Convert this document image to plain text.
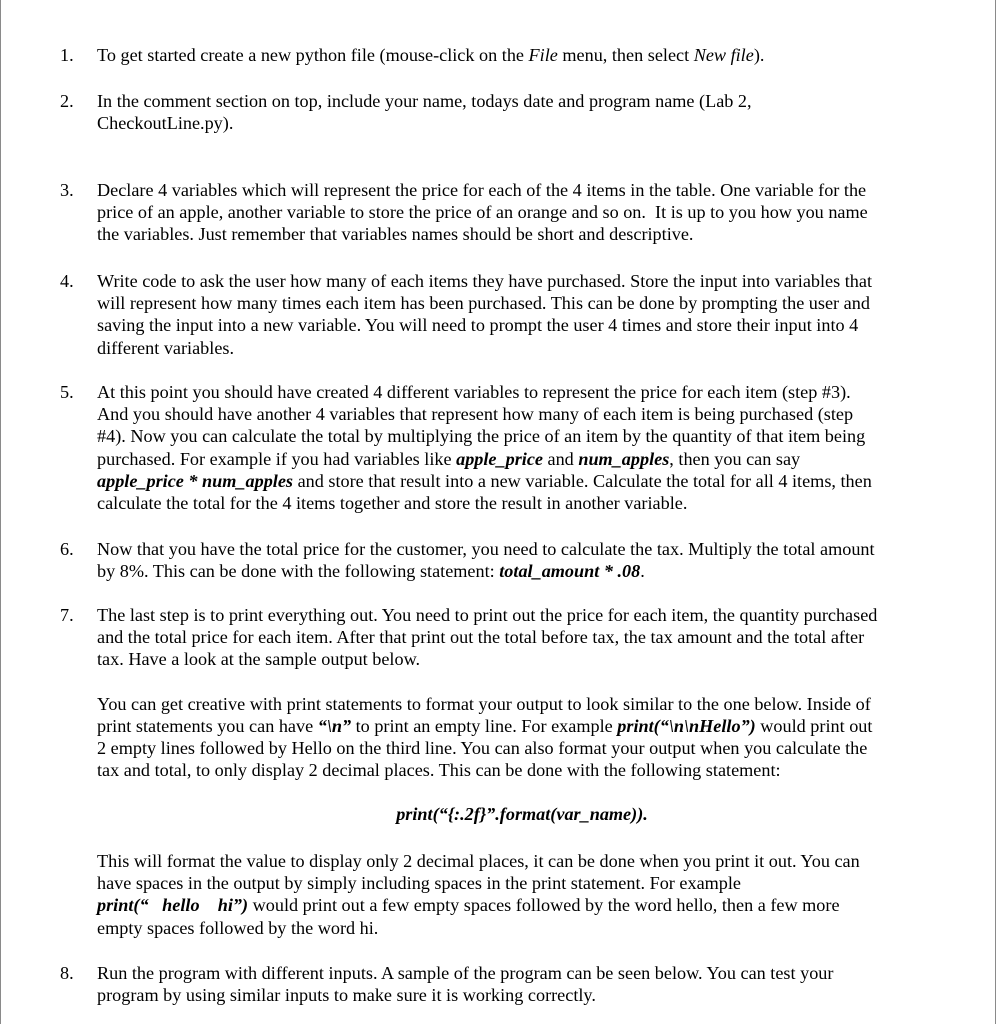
1.	To get started create a new python file (mouse-click on the File menu, then select New file).
2.	In the comment section on top, include your name, todays date and program name (Lab 2,
CheckoutLine.py).
3.	Declare 4 variables which will represent the price for each of the 4 items in the table. One variable for the
price of an apple, another variable to store the price of an orange and so on.  It is up to you how you name
the variables. Just remember that variables names should be short and descriptive.
4.	Write code to ask the user how many of each items they have purchased. Store the input into variables that
will represent how many times each item has been purchased. This can be done by prompting the user and
saving the input into a new variable. You will need to prompt the user 4 times and store their input into 4
different variables.
5.	At this point you should have created 4 different variables to represent the price for each item (step #3).
And you should have another 4 variables that represent how many of each item is being purchased (step
#4). Now you can calculate the total by multiplying the price of an item by the quantity of that item being
purchased. For example if you had variables like apple_price and num_apples, then you can say
apple_price * num_apples and store that result into a new variable. Calculate the total for all 4 items, then
calculate the total for the 4 items together and store the result in another variable.
6.	Now that you have the total price for the customer, you need to calculate the tax. Multiply the total amount
by 8%. This can be done with the following statement: total_amount * .08.
7.	The last step is to print everything out. You need to print out the price for each item, the quantity purchased
and the total price for each item. After that print out the total before tax, the tax amount and the total after
tax. Have a look at the sample output below.

You can get creative with print statements to format your output to look similar to the one below. Inside of
print statements you can have “\n” to print an empty line. For example print(“\n\nHello”) would print out
2 empty lines followed by Hello on the third line. You can also format your output when you calculate the
tax and total, to only display 2 decimal places. This can be done with the following statement:
print(“{:.2f}”.format(var_name)).
This will format the value to display only 2 decimal places, it can be done when you print it out. You can
have spaces in the output by simply including spaces in the print statement. For example
print(“   hello    hi”) would print out a few empty spaces followed by the word hello, then a few more
empty spaces followed by the word hi.
8.	Run the program with different inputs. A sample of the program can be seen below. You can test your
program by using similar inputs to make sure it is working correctly.
